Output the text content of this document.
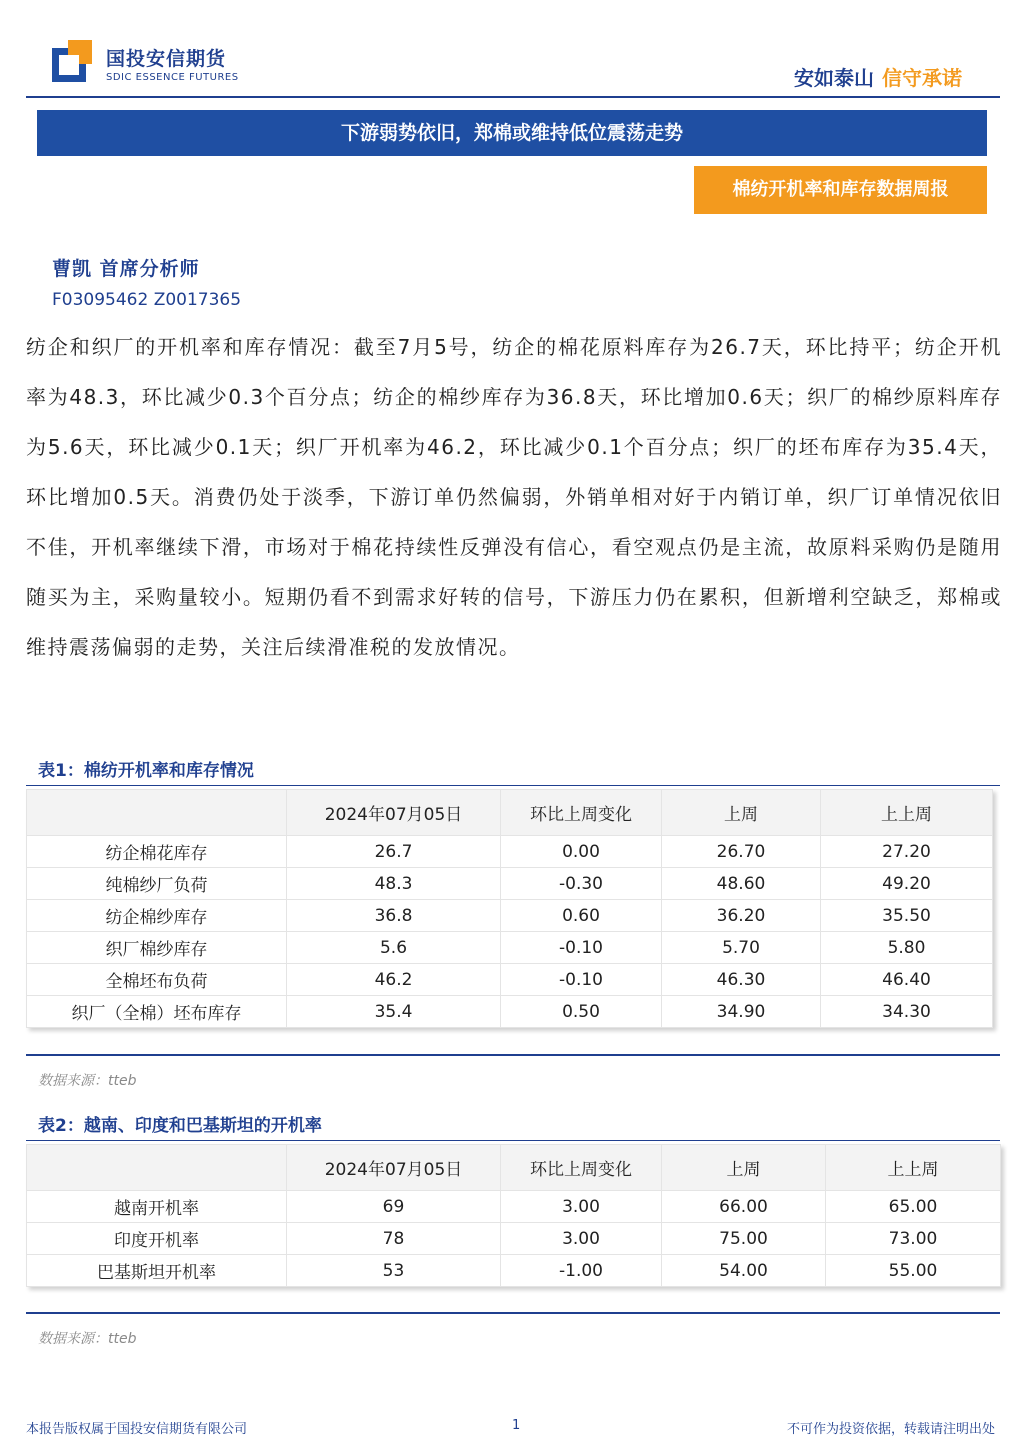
国投安信期货
SDIC ESSENCE FUTURES	安如泰山 信守承诺
下游弱势依旧，郑棉或维持低位震荡走势
棉纺开机率和库存数据周报
曹凯 首席分析师
F03095462 Z0017365

纺企和织厂的开机率和库存情况：截至7月5号，纺企的棉花原料库存为26.7天，环比持平；纺企开机率为48.3，环比减少0.3个百分点；纺企的棉纱库存为36.8天，环比增加0.6天；织厂的棉纱原料库存为5.6天，环比减少0.1天；织厂开机率为46.2，环比减少0.1个百分点；织厂的坯布库存为35.4天，环比增加0.5天。消费仍处于淡季，下游订单仍然偏弱，外销单相对好于内销订单，织厂订单情况依旧不佳，开机率继续下滑，市场对于棉花持续性反弹没有信心，看空观点仍是主流，故原料采购仍是随用随买为主，采购量较小。短期仍看不到需求好转的信号，下游压力仍在累积，但新增利空缺乏，郑棉或维持震荡偏弱的走势，关注后续滑准税的发放情况。

表1：棉纺开机率和库存情况
	2024年07月05日	环比上周变化	上周	上上周
纺企棉花库存	26.7	0.00	26.70	27.20
纯棉纱厂负荷	48.3	-0.30	48.60	49.20
纺企棉纱库存	36.8	0.60	36.20	35.50
织厂棉纱库存	5.6	-0.10	5.70	5.80
全棉坯布负荷	46.2	-0.10	46.30	46.40
织厂（全棉）坯布库存	35.4	0.50	34.90	34.30
数据来源：tteb
表2：越南、印度和巴基斯坦的开机率
	2024年07月05日	环比上周变化	上周	上上周
越南开机率	69	3.00	66.00	65.00
印度开机率	78	3.00	75.00	73.00
巴基斯坦开机率	53	-1.00	54.00	55.00
数据来源：tteb
本报告版权属于国投安信期货有限公司	1	不可作为投资依据，转载请注明出处
